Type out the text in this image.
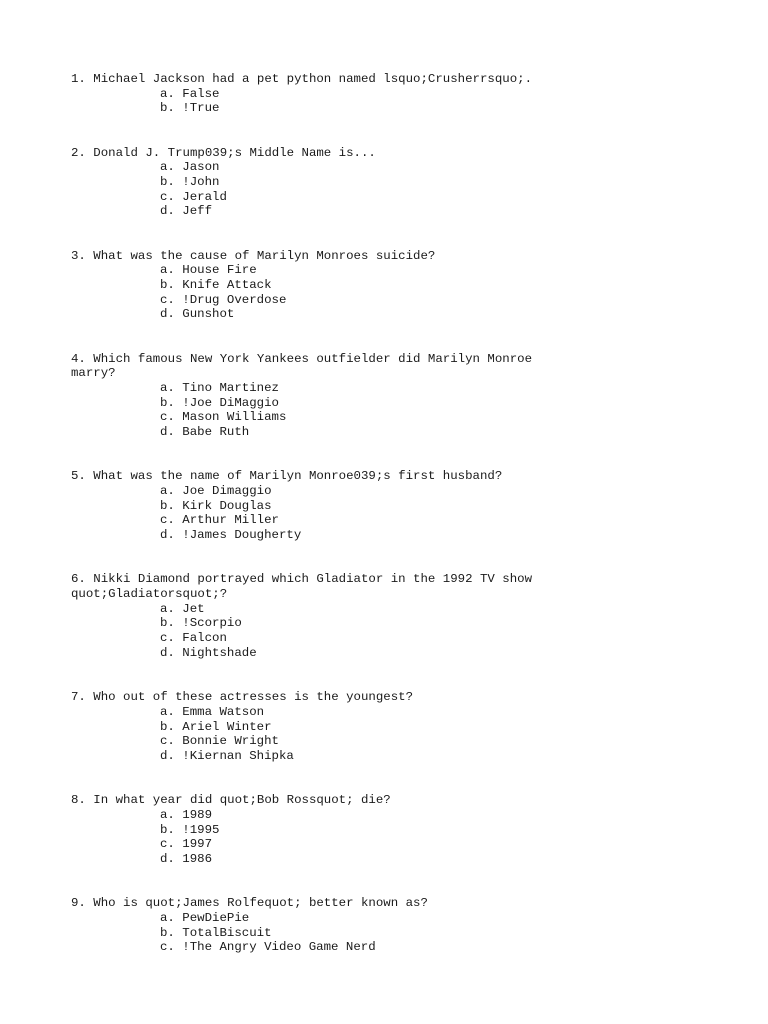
1. Michael Jackson had a pet python named lsquo;Crusherrsquo;.

a. False
b. !True

2. Donald J. Trump039;s Middle Name is...

a. Jason
b. !John
c. Jerald
d. Jeff

3. What was the cause of Marilyn Monroes suicide?

a. House Fire
b. Knife Attack
c. !Drug Overdose
d. Gunshot

4. Which famous New York Yankees outfielder did Marilyn Monroe marry?

a. Tino Martinez
b. !Joe DiMaggio
c. Mason Williams
d. Babe Ruth

5. What was the name of Marilyn Monroe039;s first husband?

a. Joe Dimaggio
b. Kirk Douglas
c. Arthur Miller
d. !James Dougherty

6. Nikki Diamond portrayed which Gladiator in the 1992 TV show quot;Gladiatorsquot;?

a. Jet
b. !Scorpio
c. Falcon
d. Nightshade

7. Who out of these actresses is the youngest?

a. Emma Watson
b. Ariel Winter
c. Bonnie Wright
d. !Kiernan Shipka

8. In what year did quot;Bob Rossquot; die?

a. 1989
b. !1995
c. 1997
d. 1986

9. Who is quot;James Rolfequot; better known as?

a. PewDiePie
b. TotalBiscuit
c. !The Angry Video Game Nerd
